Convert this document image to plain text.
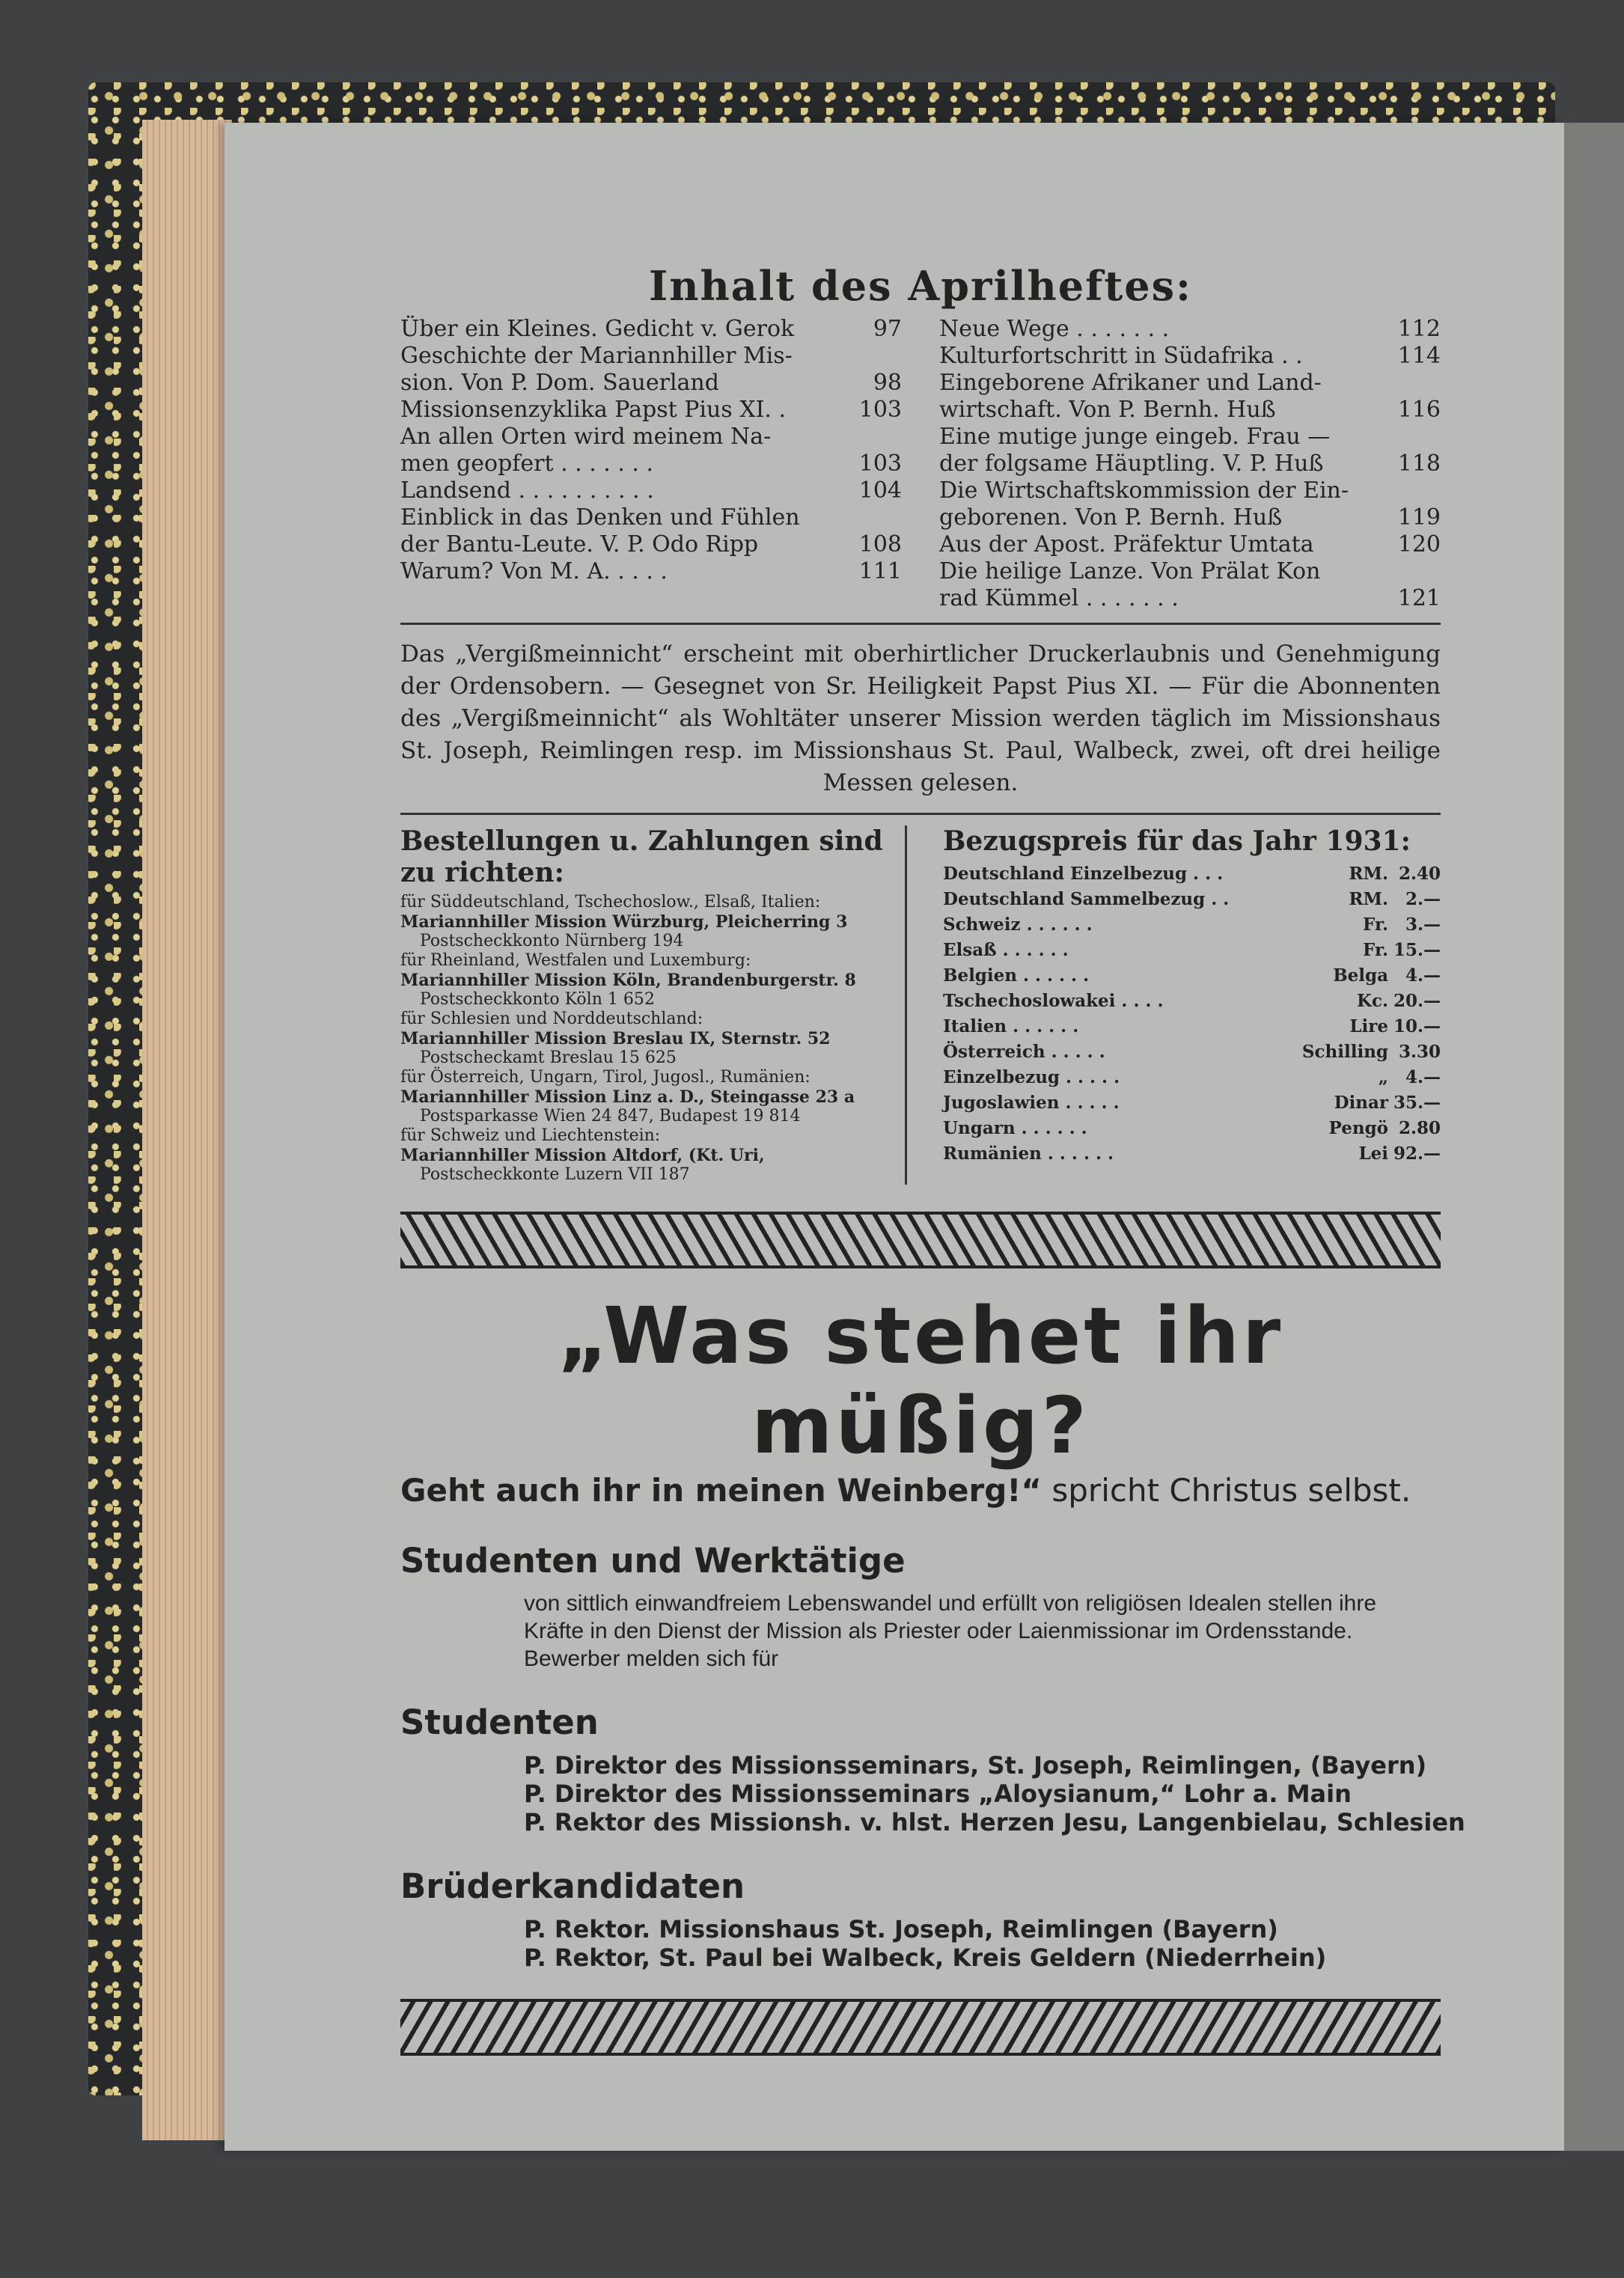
Inhalt des Aprilheftes:
Über ein Kleines. Gedicht v. Gerok	97
Geschichte der Mariannhiller Mis-
sion. Von P. Dom. Sauerland	98
Missionsenzyklika Papst Pius XI. .	103
An allen Orten wird meinem Na-
men geopfert . . . . . . .	103
Landsend . . . . . . . . . .	104
Einblick in das Denken und Fühlen
der Bantu-Leute. V. P. Odo Ripp	108
Warum? Von M. A. . . . .	111
Neue Wege . . . . . . .	112
Kulturfortschritt in Südafrika . .	114
Eingeborene Afrikaner und Land-
wirtschaft. Von P. Bernh. Huß	116
Eine mutige junge eingeb. Frau —
der folgsame Häuptling. V. P. Huß	118
Die Wirtschaftskommission der Ein-
geborenen. Von P. Bernh. Huß	119
Aus der Apost. Präfektur Umtata	120
Die heilige Lanze. Von Prälat Kon
rad Kümmel . . . . . . .	121
Das „Vergißmeinnicht“ erscheint mit oberhirtlicher Druckerlaubnis und Genehmigung der Ordensobern. — Gesegnet von Sr. Heiligkeit Papst Pius XI. — Für die Abonnenten des „Vergißmeinnicht“ als Wohltäter unserer Mission werden täglich im Missionshaus St. Joseph, Reimlingen resp. im Missionshaus St. Paul, Walbeck, zwei, oft drei heilige Messen gelesen.
Bestellungen u. Zahlungen sind zu richten:
für Süddeutschland, Tschechoslow., Elsaß, Italien:
Mariannhiller Mission Würzburg, Pleicherring 3
Postscheckkonto Nürnberg 194
für Rheinland, Westfalen und Luxemburg:
Mariannhiller Mission Köln, Brandenburgerstr. 8
Postscheckkonto Köln 1 652
für Schlesien und Norddeutschland:
Mariannhiller Mission Breslau IX, Sternstr. 52
Postscheckamt Breslau 15 625
für Österreich, Ungarn, Tirol, Jugosl., Rumänien:
Mariannhiller Mission Linz a. D., Steingasse 23 a
Postsparkasse Wien 24 847, Budapest 19 814
für Schweiz und Liechtenstein:
Mariannhiller Mission Altdorf, (Kt. Uri,
Postscheckkonte Luzern VII 187
Bezugspreis für das Jahr 1931:
Deutschland Einzelbezug . . .	RM. 2.40
Deutschland Sammelbezug . .	RM. 2.—
Schweiz . . . . . .	Fr. 3.—
Elsaß . . . . . .	Fr. 15.—
Belgien . . . . . .	Belga 4.—
Tschechoslowakei . . . .	Kc. 20.—
Italien . . . . . .	Lire 10.—
Österreich . . . . .	Schilling 3.30
Einzelbezug . . . . .	„ 4.—
Jugoslawien . . . . .	Dinar 35.—
Ungarn . . . . . .	Pengö 2.80
Rumänien . . . . . .	Lei 92.—
„Was stehet ihr müßig?
Geht auch ihr in meinen Weinberg!“ spricht Christus selbst.
Studenten und Werktätige
von sittlich einwandfreiem Lebenswandel und erfüllt von religiösen Idealen stellen ihre Kräfte in den Dienst der Mission als Priester oder Laienmissionar im Ordensstande. Bewerber melden sich für
Studenten
P. Direktor des Missionsseminars, St. Joseph, Reimlingen, (Bayern)
P. Direktor des Missionsseminars „Aloysianum,“ Lohr a. Main
P. Rektor des Missionsh. v. hlst. Herzen Jesu, Langenbielau, Schlesien
Brüderkandidaten
P. Rektor. Missionshaus St. Joseph, Reimlingen (Bayern)
P. Rektor, St. Paul bei Walbeck, Kreis Geldern (Niederrhein)
